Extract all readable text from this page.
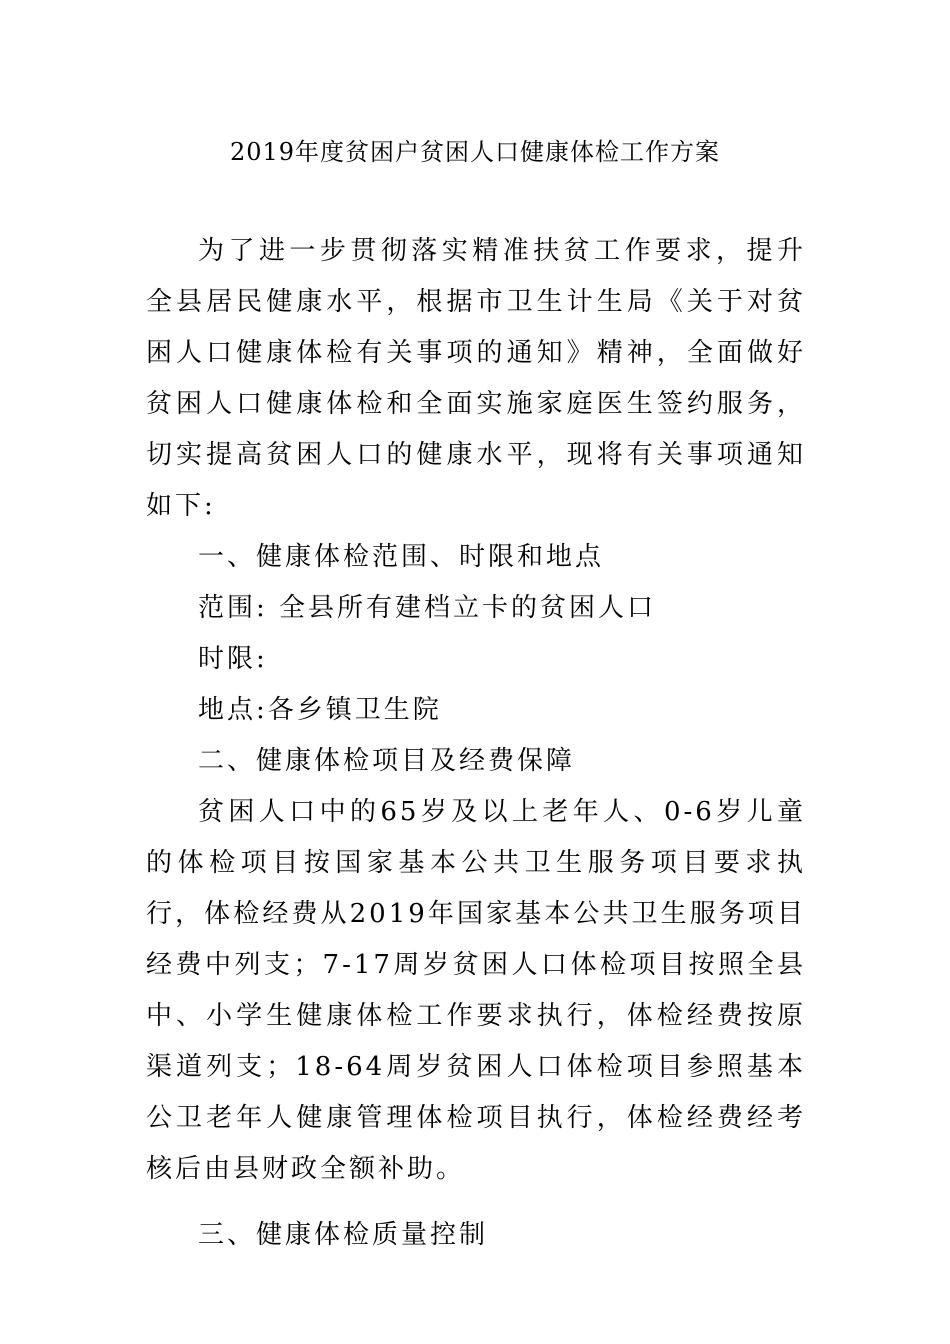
2019年度贫困户贫困人口健康体检工作方案

为了进一步贯彻落实精准扶贫工作要求，提升全县居民健康水平，根据市卫生计生局《关于对贫困人口健康体检有关事项的通知》精神，全面做好贫困人口健康体检和全面实施家庭医生签约服务，切实提高贫困人口的健康水平，现将有关事项通知如下:

一、健康体检范围、时限和地点

范围: 全县所有建档立卡的贫困人口

时限:

地点:各乡镇卫生院

二、健康体检项目及经费保障

贫困人口中的65岁及以上老年人、0-6岁儿童的体检项目按国家基本公共卫生服务项目要求执行，体检经费从2019年国家基本公共卫生服务项目经费中列支；7-17周岁贫困人口体检项目按照全县中、小学生健康体检工作要求执行，体检经费按原渠道列支；18-64周岁贫困人口体检项目参照基本公卫老年人健康管理体检项目执行，体检经费经考核后由县财政全额补助。

三、健康体检质量控制
